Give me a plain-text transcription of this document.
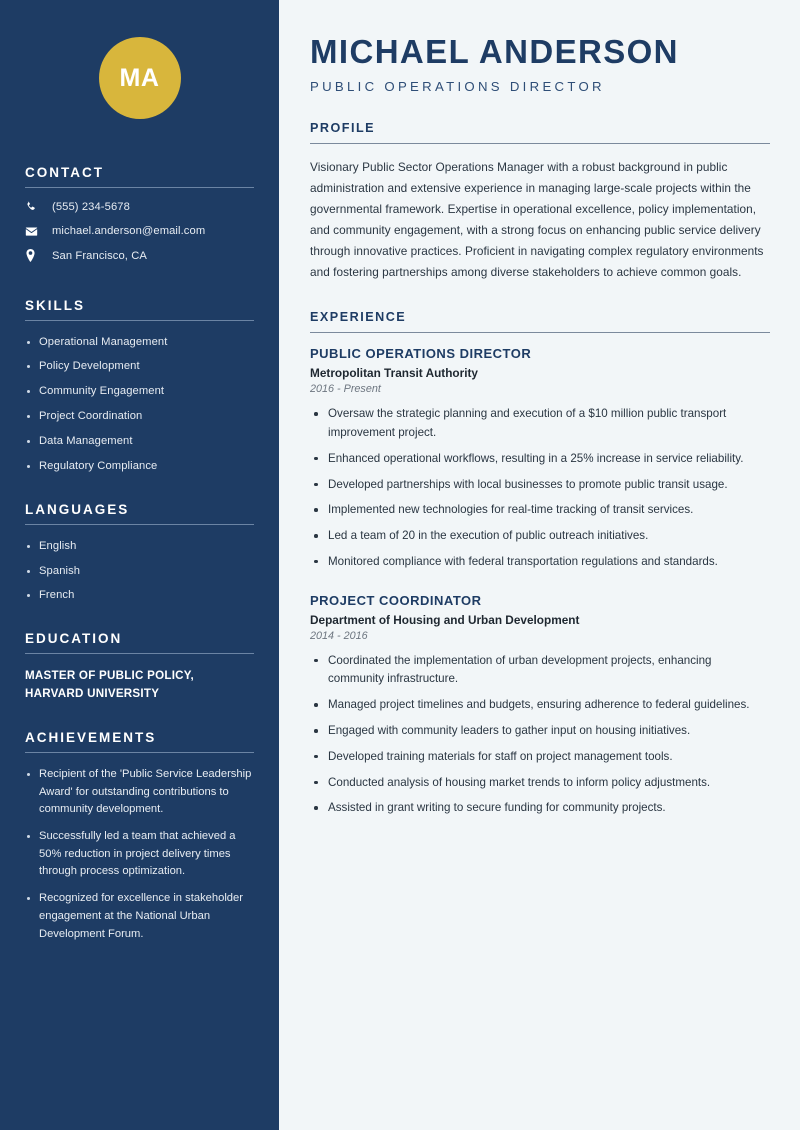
MA
CONTACT
(555) 234-5678
michael.anderson@email.com
San Francisco, CA
SKILLS
Operational Management
Policy Development
Community Engagement
Project Coordination
Data Management
Regulatory Compliance
LANGUAGES
English
Spanish
French
EDUCATION
MASTER OF PUBLIC POLICY, HARVARD UNIVERSITY
ACHIEVEMENTS
Recipient of the 'Public Service Leadership Award' for outstanding contributions to community development.
Successfully led a team that achieved a 50% reduction in project delivery times through process optimization.
Recognized for excellence in stakeholder engagement at the National Urban Development Forum.
MICHAEL ANDERSON
PUBLIC OPERATIONS DIRECTOR
PROFILE

Visionary Public Sector Operations Manager with a robust background in public administration and extensive experience in managing large-scale projects within the governmental framework. Expertise in operational excellence, policy implementation, and community engagement, with a strong focus on enhancing public service delivery through innovative practices. Proficient in navigating complex regulatory environments and fostering partnerships among diverse stakeholders to achieve common goals.

EXPERIENCE
PUBLIC OPERATIONS DIRECTOR
Metropolitan Transit Authority
2016 - Present
Oversaw the strategic planning and execution of a $10 million public transport improvement project.
Enhanced operational workflows, resulting in a 25% increase in service reliability.
Developed partnerships with local businesses to promote public transit usage.
Implemented new technologies for real-time tracking of transit services.
Led a team of 20 in the execution of public outreach initiatives.
Monitored compliance with federal transportation regulations and standards.
PROJECT COORDINATOR
Department of Housing and Urban Development
2014 - 2016
Coordinated the implementation of urban development projects, enhancing community infrastructure.
Managed project timelines and budgets, ensuring adherence to federal guidelines.
Engaged with community leaders to gather input on housing initiatives.
Developed training materials for staff on project management tools.
Conducted analysis of housing market trends to inform policy adjustments.
Assisted in grant writing to secure funding for community projects.
